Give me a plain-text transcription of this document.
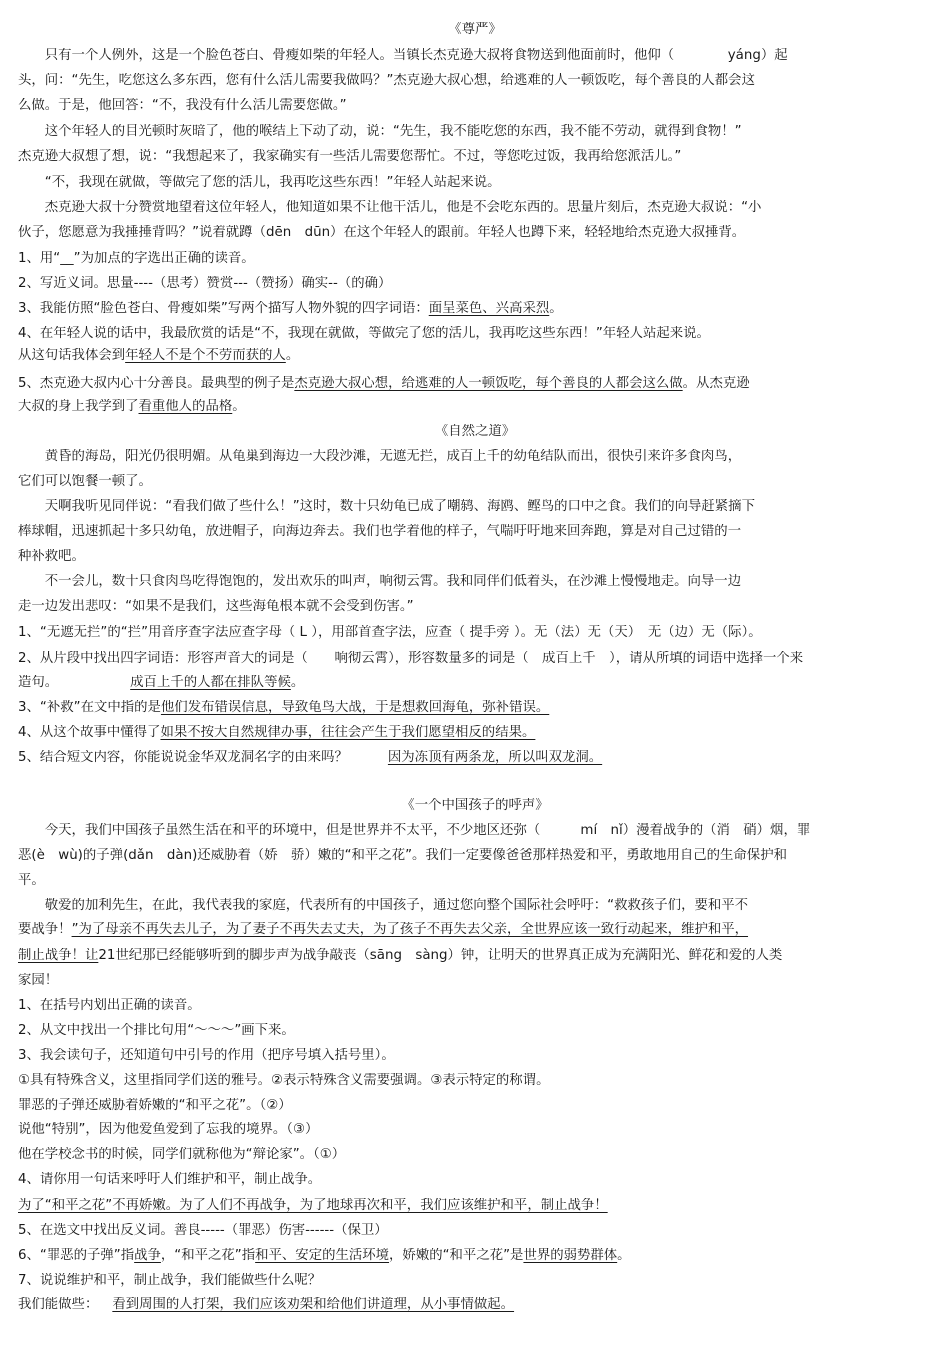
《尊严》
　　只有一个人例外，这是一个脸色苍白、骨瘦如柴的年轻人。当镇长杰克逊大叔将食物送到他面前时，他仰（　　　　yáng）起
头，问：“先生，吃您这么多东西，您有什么活儿需要我做吗？”杰克逊大叔心想，给逃难的人一顿饭吃，每个善良的人都会这
么做。于是，他回答：“不，我没有什么活儿需要您做。”
　　这个年轻人的目光顿时灰暗了，他的喉结上下动了动，说：“先生，我不能吃您的东西，我不能不劳动，就得到食物！”
杰克逊大叔想了想，说：“我想起来了，我家确实有一些活儿需要您帮忙。不过，等您吃过饭，我再给您派活儿。”
　　“不，我现在就做，等做完了您的活儿，我再吃这些东西！”年轻人站起来说。
　　杰克逊大叔十分赞赏地望着这位年轻人，他知道如果不让他干活儿，他是不会吃东西的。思量片刻后，杰克逊大叔说：“小
伙子，您愿意为我捶捶背吗？”说着就蹲（dēn　dūn）在这个年轻人的跟前。年轻人也蹲下来，轻轻地给杰克逊大叔捶背。
1、用“__”为加点的字选出正确的读音。
2、写近义词。思量----（思考）赞赏---（赞扬）确实--（的确）
3、我能仿照“脸色苍白、骨瘦如柴”写两个描写人物外貌的四字词语：面呈菜色、兴高采烈。
4、在年轻人说的话中，我最欣赏的话是“不，我现在就做，等做完了您的活儿，我再吃这些东西！”年轻人站起来说。
从这句话我体会到年轻人不是个不劳而获的人。
5、杰克逊大叔内心十分善良。最典型的例子是杰克逊大叔心想，给逃难的人一顿饭吃，每个善良的人都会这么做。从杰克逊
大叔的身上我学到了看重他人的品格。
《自然之道》
　　黄昏的海岛，阳光仍很明媚。从龟巢到海边一大段沙滩，无遮无拦，成百上千的幼龟结队而出，很快引来许多食肉鸟，
它们可以饱餐一顿了。
　　天啊我听见同伴说：“看我们做了些什么！”这时，数十只幼龟已成了嘲鸫、海鸥、鲣鸟的口中之食。我们的向导赶紧摘下
棒球帽，迅速抓起十多只幼龟，放进帽子，向海边奔去。我们也学着他的样子，气喘吁吁地来回奔跑，算是对自己过错的一
种补救吧。
　　不一会儿，数十只食肉鸟吃得饱饱的，发出欢乐的叫声，响彻云霄。我和同伴们低着头，在沙滩上慢慢地走。向导一边
走一边发出悲叹：“如果不是我们，这些海龟根本就不会受到伤害。”
1、“无遮无拦”的“拦”用音序查字法应查字母（ L ），用部首查字法，应查（ 提手旁 ）。无（法）无（天）　无（边）无（际）。
2、从片段中找出四字词语：形容声音大的词是（　　响彻云霄），形容数量多的词是（　成百上千　），请从所填的词语中选择一个来
造句。	成百上千的人都在排队等候。
3、“补救”在文中指的是他们发布错误信息，导致龟鸟大战，于是想救回海龟，弥补错误。
4、从这个故事中懂得了如果不按大自然规律办事，往往会产生于我们愿望相反的结果。
5、结合短文内容，你能说说金华双龙洞名字的由来吗？	因为冻顶有两条龙，所以叫双龙洞。
《一个中国孩子的呼声》
　　今天，我们中国孩子虽然生活在和平的环境中，但是世界并不太平，不少地区还弥（　　　mí　nǐ）漫着战争的（消　硝）烟，罪
恶(è　wù)的子弹(dǎn　dàn)还威胁着（娇　骄）嫩的“和平之花”。我们一定要像爸爸那样热爱和平，勇敢地用自己的生命保护和
平。
　　敬爱的加利先生，在此，我代表我的家庭，代表所有的中国孩子，通过您向整个国际社会呼吁：“救救孩子们，要和平不
要战争！”为了母亲不再失去儿子，为了妻子不再失去丈夫，为了孩子不再失去父亲，全世界应该一致行动起来，维护和平，
制止战争！让21世纪那已经能够听到的脚步声为战争敲丧（sāng　sàng）钟，让明天的世界真正成为充满阳光、鲜花和爱的人类
家园！
1、在括号内划出正确的读音。
2、从文中找出一个排比句用“～～～”画下来。
3、我会读句子，还知道句中引号的作用（把序号填入括号里）。
①具有特殊含义，这里指同学们送的雅号。②表示特殊含义需要强调。③表示特定的称谓。
罪恶的子弹还威胁着娇嫩的“和平之花”。（②）
说他“特别”，因为他爱鱼爱到了忘我的境界。（③）
他在学校念书的时候，同学们就称他为“辩论家”。（①）
4、请你用一句话来呼吁人们维护和平，制止战争。
为了“和平之花”不再娇嫩。为了人们不再战争，为了地球再次和平，我们应该维护和平，制止战争！
5、在选文中找出反义词。善良-----（罪恶）伤害------（保卫）
6、“罪恶的子弹”指战争，“和平之花”指和平、安定的生活环境，娇嫩的“和平之花”是世界的弱势群体。
7、说说维护和平，制止战争，我们能做些什么呢？
我们能做些： 看到周围的人打架，我们应该劝架和给他们讲道理，从小事情做起。
